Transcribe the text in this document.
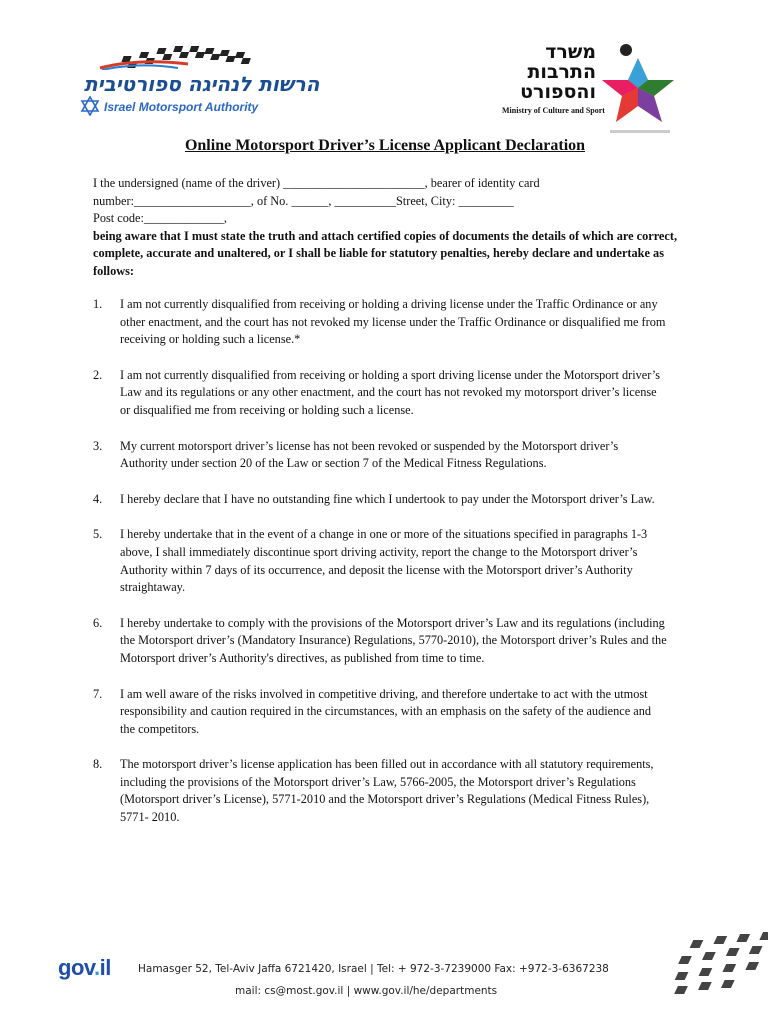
הרשות לנהיגה ספורטיבית
Israel Motorsport Authority
משרד
התרבות
והספורט
Ministry of Culture and Sport
Online Motorsport Driver’s License Applicant Declaration
I the undersigned (name of the driver) _______________________, bearer of identity card
number:___________________, of No. ______, __________Street, City: _________
Post code:_____________,
being aware that I must state the truth and attach certified copies of documents the details of which are correct, complete, accurate and unaltered, or I shall be liable for statutory penalties, hereby declare and undertake as follows:
1.	I am not currently disqualified from receiving or holding a driving license under the Traffic Ordinance or any other enactment, and the court has not revoked my license under the Traffic Ordinance or disqualified me from receiving or holding such a license.*
2.	I am not currently disqualified from receiving or holding a sport driving license under the Motorsport driver’s Law and its regulations or any other enactment, and the court has not revoked my motorsport driver’s license or disqualified me from receiving or holding such a license.
3.	My current motorsport driver’s license has not been revoked or suspended by the Motorsport driver’s Authority under section 20 of the Law or section 7 of the Medical Fitness Regulations.
4.	I hereby declare that I have no outstanding fine which I undertook to pay under the Motorsport driver’s Law.
5.	I hereby undertake that in the event of a change in one or more of the situations specified in paragraphs 1-3 above, I shall immediately discontinue sport driving activity, report the change to the Motorsport driver’s Authority within 7 days of its occurrence, and deposit the license with the Motorsport driver’s Authority straightaway.
6.	I hereby undertake to comply with the provisions of the Motorsport driver’s Law and its regulations (including the Motorsport driver’s (Mandatory Insurance) Regulations, 5770-2010), the Motorsport driver’s Rules and the Motorsport driver’s Authority's directives, as published from time to time.
7.	I am well aware of the risks involved in competitive driving, and therefore undertake to act with the utmost responsibility and caution required in the circumstances, with an emphasis on the safety of the audience and the competitors.
8.	The motorsport driver’s license application has been filled out in accordance with all statutory requirements, including the provisions of the Motorsport driver’s Law, 5766-2005, the Motorsport driver’s Regulations (Motorsport driver’s License), 5771-2010 and the Motorsport driver’s Regulations (Medical Fitness Rules), 5771- 2010.
gov.il	Hamasger 52, Tel-Aviv Jaffa 6721420, Israel | Tel: + 972-3-7239000 Fax: +972-3-6367238
mail: cs@most.gov.il | www.gov.il/he/departments
